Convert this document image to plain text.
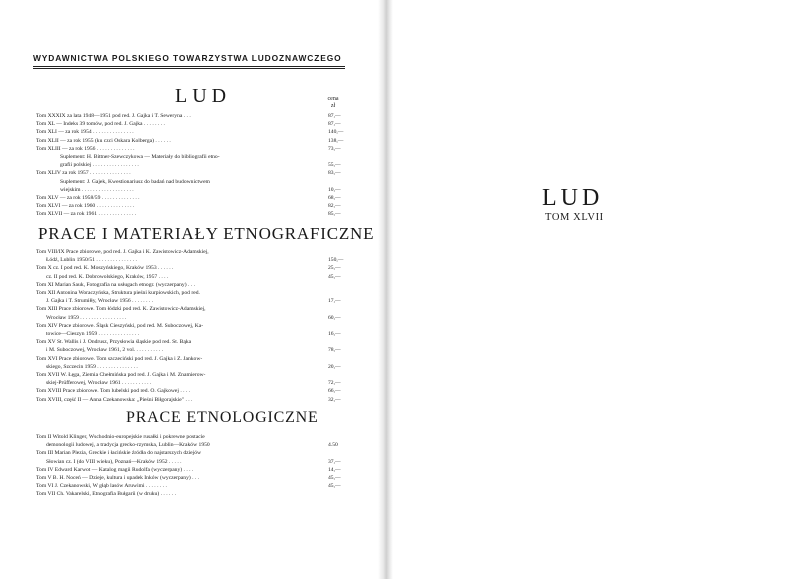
WYDAWNICTWA POLSKIEGO TOWARZYSTWA LUDOZNAWCZEGO
LUD	cena
zł
Tom XXXIX za lata 1948—1951 pod red. J. Gajka i T. Seweryna . . .	87,—
Tom XL — Indeks 39 tomów, pod red. J. Gajka . . . . . . . .	87,—
Tom XLI — za rok 1954 . . . . . . . . . . . . . . .	140,—
Tom XLII — za rok 1955 (ku czci Oskara Kolberga) . . . . . .	138,—
Tom XLIII — za rok 1956 . . . . . . . . . . . . . .	73,—
Suplement: H. Bittner-Szewczykowa — Materiały do bibliografii etno-
grafii polskiej . . . . . . . . . . . . . . . . .	55,—
Tom XLIV za rok 1957 . . . . . . . . . . . . . . .	83,—
Suplement: J. Gajek, Kwestionariusz do badań nad budownictwem
wiejskim . . . . . . . . . . . . . . . . . . .	10,—
Tom XLV — za rok 1958/59 . . . . . . . . . . . . . .	68,—
Tom XLVI — za rok 1960 . . . . . . . . . . . . . .	82,—
Tom XLVII — za rok 1961 . . . . . . . . . . . . . .	85,—
PRACE I MATERIAŁY ETNOGRAFICZNE
Tom VIII/IX Prace zbiorowe, pod red. J. Gajka i K. Zawistowicz-Adamskiej,
Łódź, Lublin 1950/51 . . . . . . . . . . . . . . .	150,—
Tom X cz. I pod red. K. Moszyńskiego, Kraków 1953 . . . . . .	25,—
cz. II pod red. K. Dobrowolskiego, Kraków, 1957 . . . .	45,—
Tom XI Marian Sauk, Fotografia na usługach etnogr. (wyczerpany) . . .
Tom XII Antonina Woraczyńska, Struktura pieśni kurpiowskich, pod red.
J. Gajka i T. Strumiłły, Wrocław 1956 . . . . . . . .	17,—
Tom XIII Prace zbiorowe. Tom łódzki pod red. K. Zawistowicz-Adamskiej,
Wrocław 1959 . . . . . . . . . . . . . . . . .	60,—
Tom XIV Prace zbiorowe. Śląsk Cieszyński, pod red. M. Suboczowej, Ka-
towice—Cieszyn 1959 . . . . . . . . . . . . . . .	16,—
Tom XV St. Wallis i J. Ondrusz, Przysłowia śląskie pod red. St. Bąka
i M. Suboczowej, Wrocław 1961, 2 vol. . . . . . . . . . .	78,—
Tom XVI Prace zbiorowe. Tom szczeciński pod red. J. Gajka i Z. Jankow-
skiego, Szczecin 1959 . . . . . . . . . . . . . . .	20,—
Tom XVII W. Łęga, Ziemia Chełmińska pod red. J. Gajka i M. Znamierow-
skiej-Prüfferowej, Wrocław 1961 . . . . . . . . . . .	72,—
Tom XVIII Prace zbiorowe. Tom lubelski pod red. O. Gajkowej . . . .	66,—
Tom XVIII, część II — Anna Czekanowska: „Pieśni Biłgorajskie" . . .	32,—
PRACE ETNOLOGICZNE
Tom II Witold Klinger, Wschodnio-europejskie rusałki i pokrewne postacie
demonologii ludowej, a tradycja grecko-rzymska, Lublin—Kraków 1950	4.50
Tom III Marian Plezia, Greckie i łacińskie źródła do najstarszych dziejów
Słowian cz. I (do VIII wieku), Poznań—Kraków 1952 . . . . .	37,—
Tom IV Edward Karwot — Katalog magii Rudolfa (wyczerpany) . . . .	14,—
Tom V B. H. Noceń — Dzieje, kultura i upadek Inków (wyczerpany) . . .	45,—
Tom VI J. Czekanowski, W głąb lasów Aruwimi . . . . . . . .	45,—
Tom VII Ch. Vakarelski, Etnografia Bułgarii (w druku) . . . . . .
LUD
TOM XLVII
